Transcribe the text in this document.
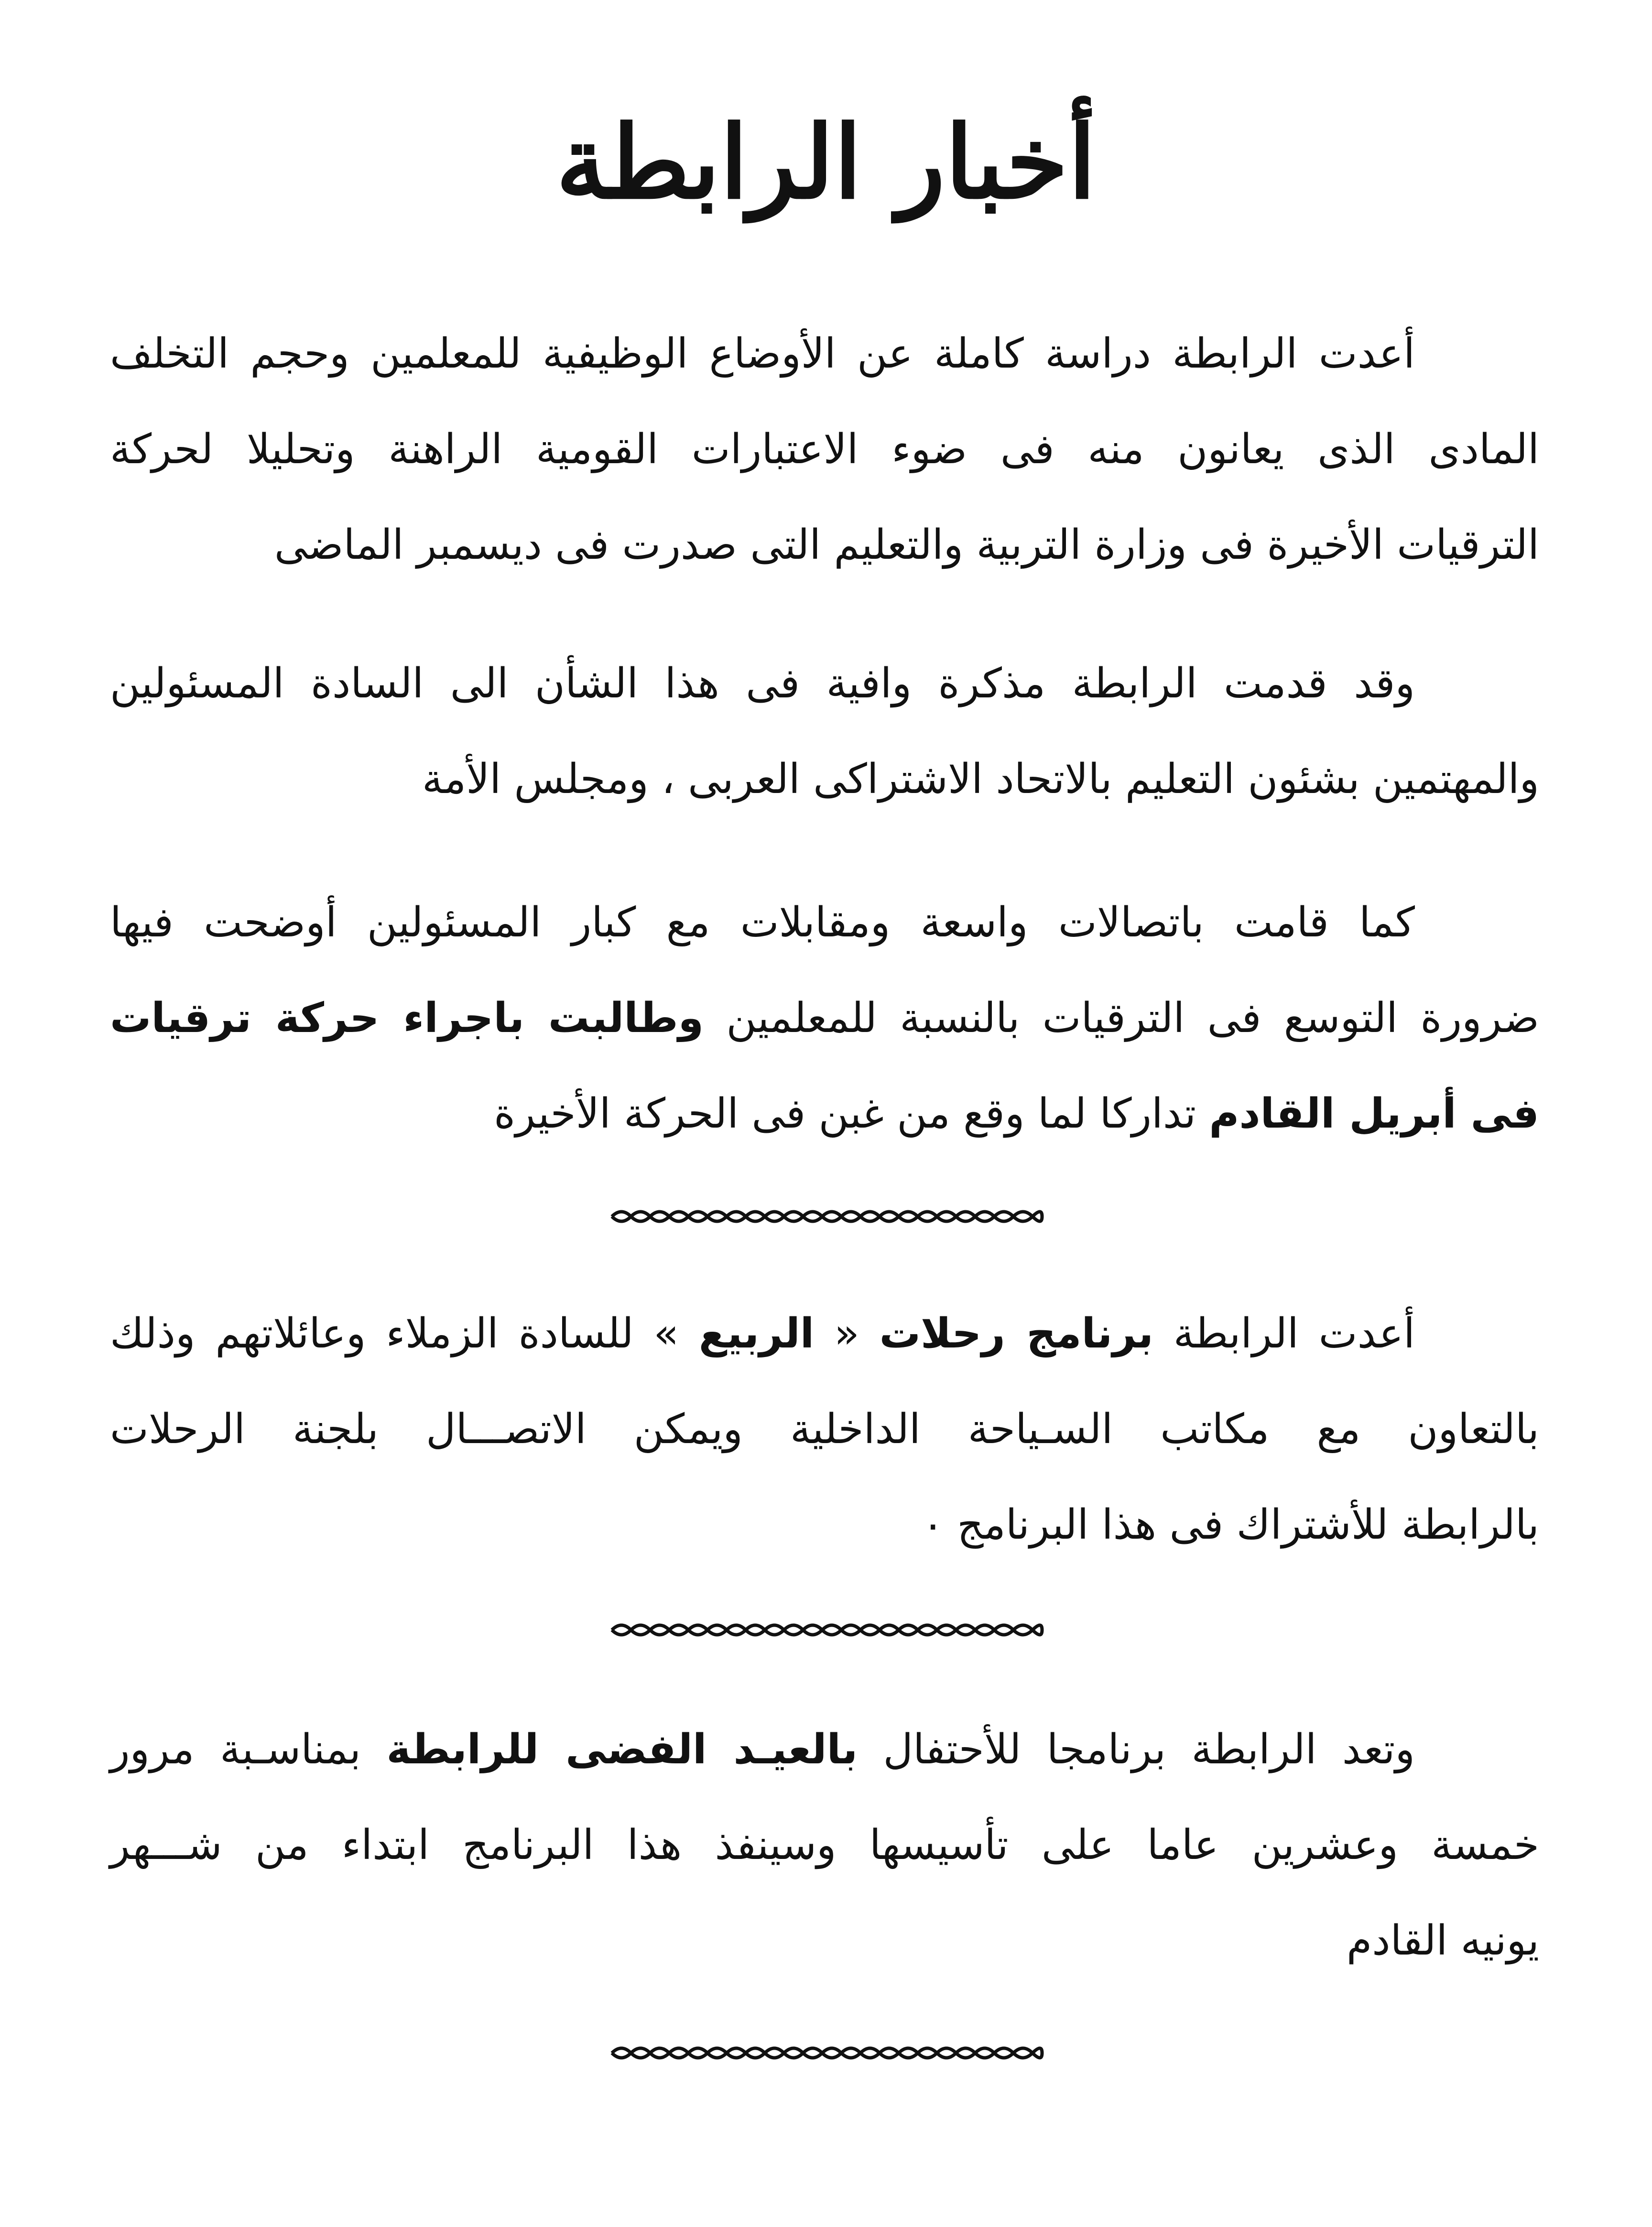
أخبار الرابطة
أعدت الرابطة دراسة كاملة عن الأوضاع الوظيفية للمعلمين وحجم التخلف
المادى الذى يعانون منه فى ضوء الاعتبارات القومية الراهنة وتحليلا لحركة
الترقيات الأخيرة فى وزارة التربية والتعليم التى صدرت فى ديسمبر الماضى
وقد قدمت الرابطة مذكرة وافية فى هذا الشأن الى السادة المسئولين
والمهتمين بشئون التعليم بالاتحاد الاشتراكى العربى ، ومجلس الأمة
كما قامت باتصالات واسعة ومقابلات مع كبار المسئولين أوضحت فيها
ضرورة التوسع فى الترقيات بالنسبة للمعلمين وطالبت باجراء حركة ترقيات
فى أبريل القادم تداركا لما وقع من غبن فى الحركة الأخيرة
أعدت الرابطة برنامج رحلات « الربيع » للسادة الزملاء وعائلاتهم وذلك
بالتعاون مع مكاتب السـياحة الداخلية ويمكن الاتصـــال بلجنة الرحلات
بالرابطة للأشتراك فى هذا البرنامج ٠
وتعد الرابطة برنامجا للأحتفال بالعيـد الفضى للرابطة بمناسـبة مرور
خمسة وعشرين عاما على تأسيسها وسينفذ هذا البرنامج ابتداء من شـــهر
يونيه القادم
